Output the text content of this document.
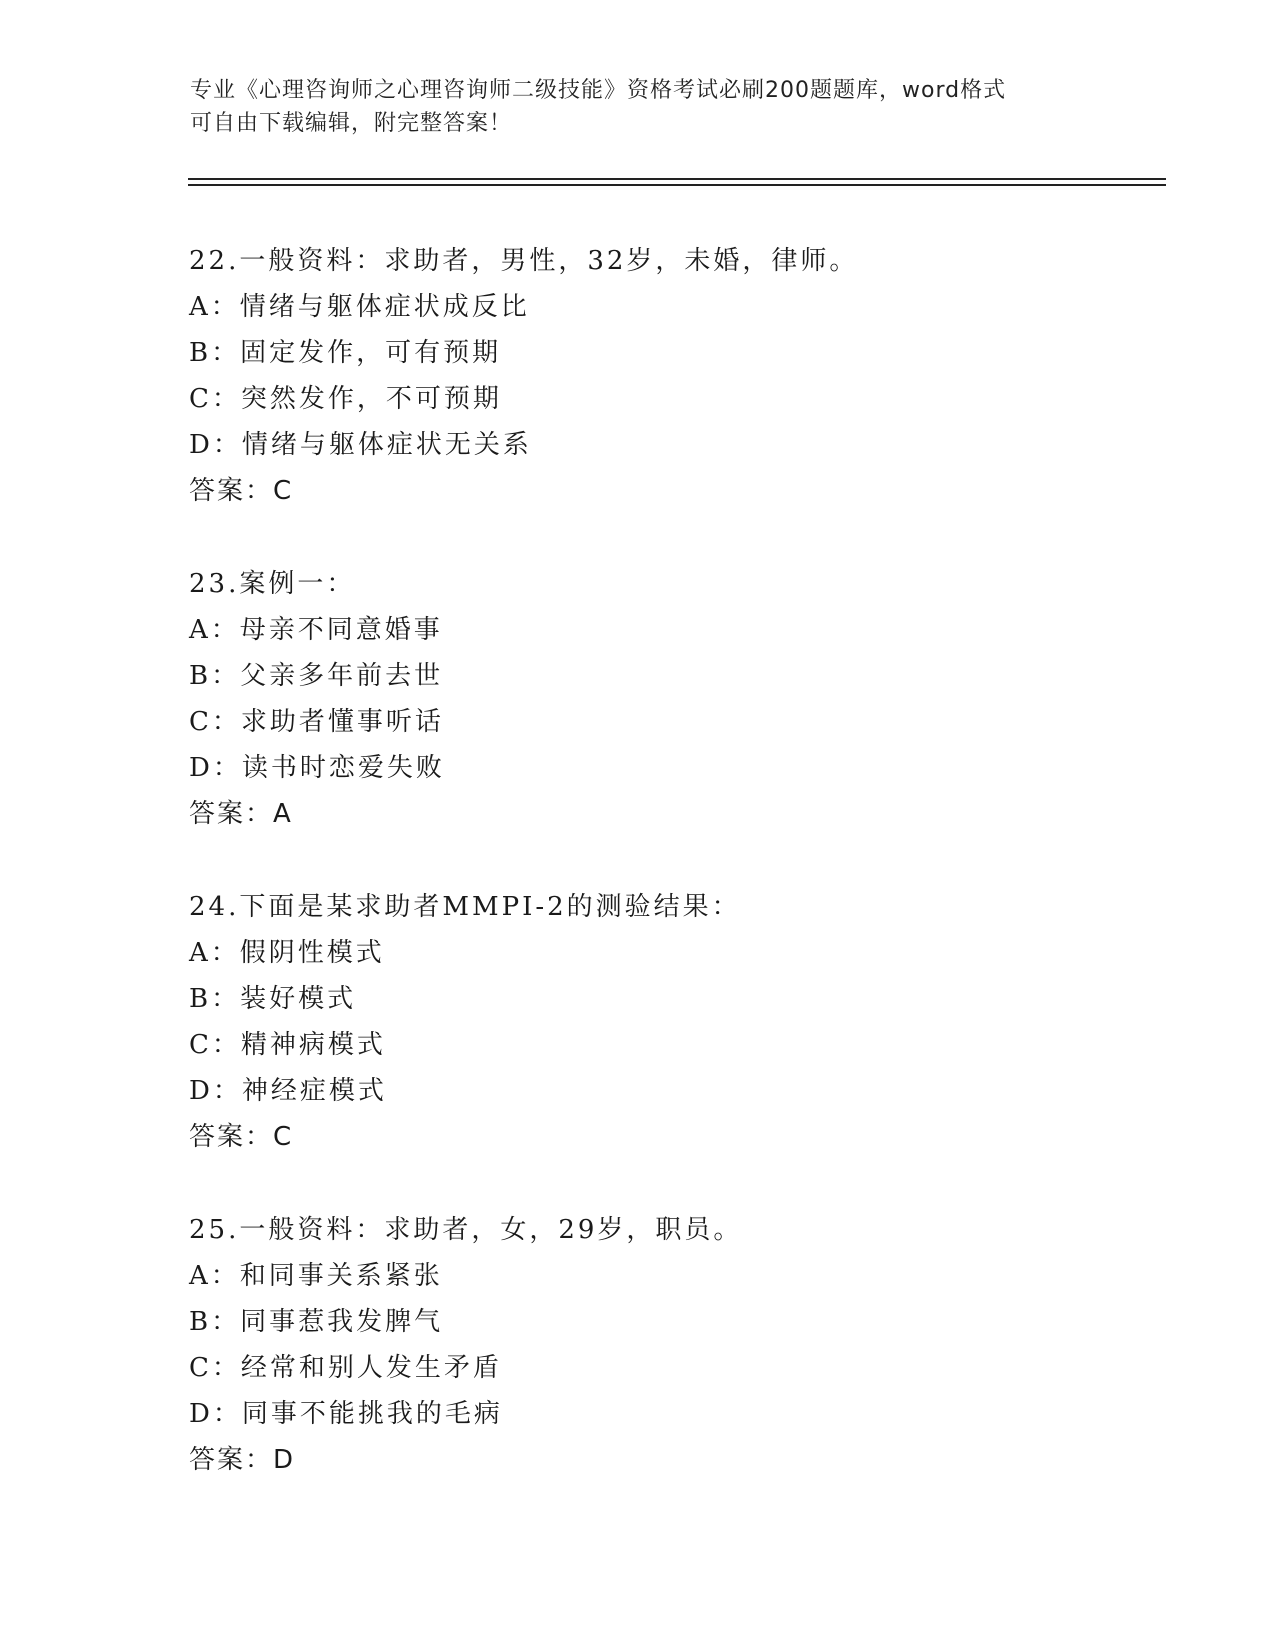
专业《心理咨询师之心理咨询师二级技能》资格考试必刷200题题库，word格式

可自由下载编辑，附完整答案！

22.一般资料：求助者，男性，32岁，未婚，律师。
A：情绪与躯体症状成反比
B：固定发作，可有预期
C：突然发作，不可预期
D：情绪与躯体症状无关系
答案：C
23.案例一：
A：母亲不同意婚事
B：父亲多年前去世
C：求助者懂事听话
D：读书时恋爱失败
答案：A
24.下面是某求助者MMPI-2的测验结果：
A：假阴性模式
B：装好模式
C：精神病模式
D：神经症模式
答案：C
25.一般资料：求助者，女，29岁，职员。
A：和同事关系紧张
B：同事惹我发脾气
C：经常和别人发生矛盾
D：同事不能挑我的毛病
答案：D
